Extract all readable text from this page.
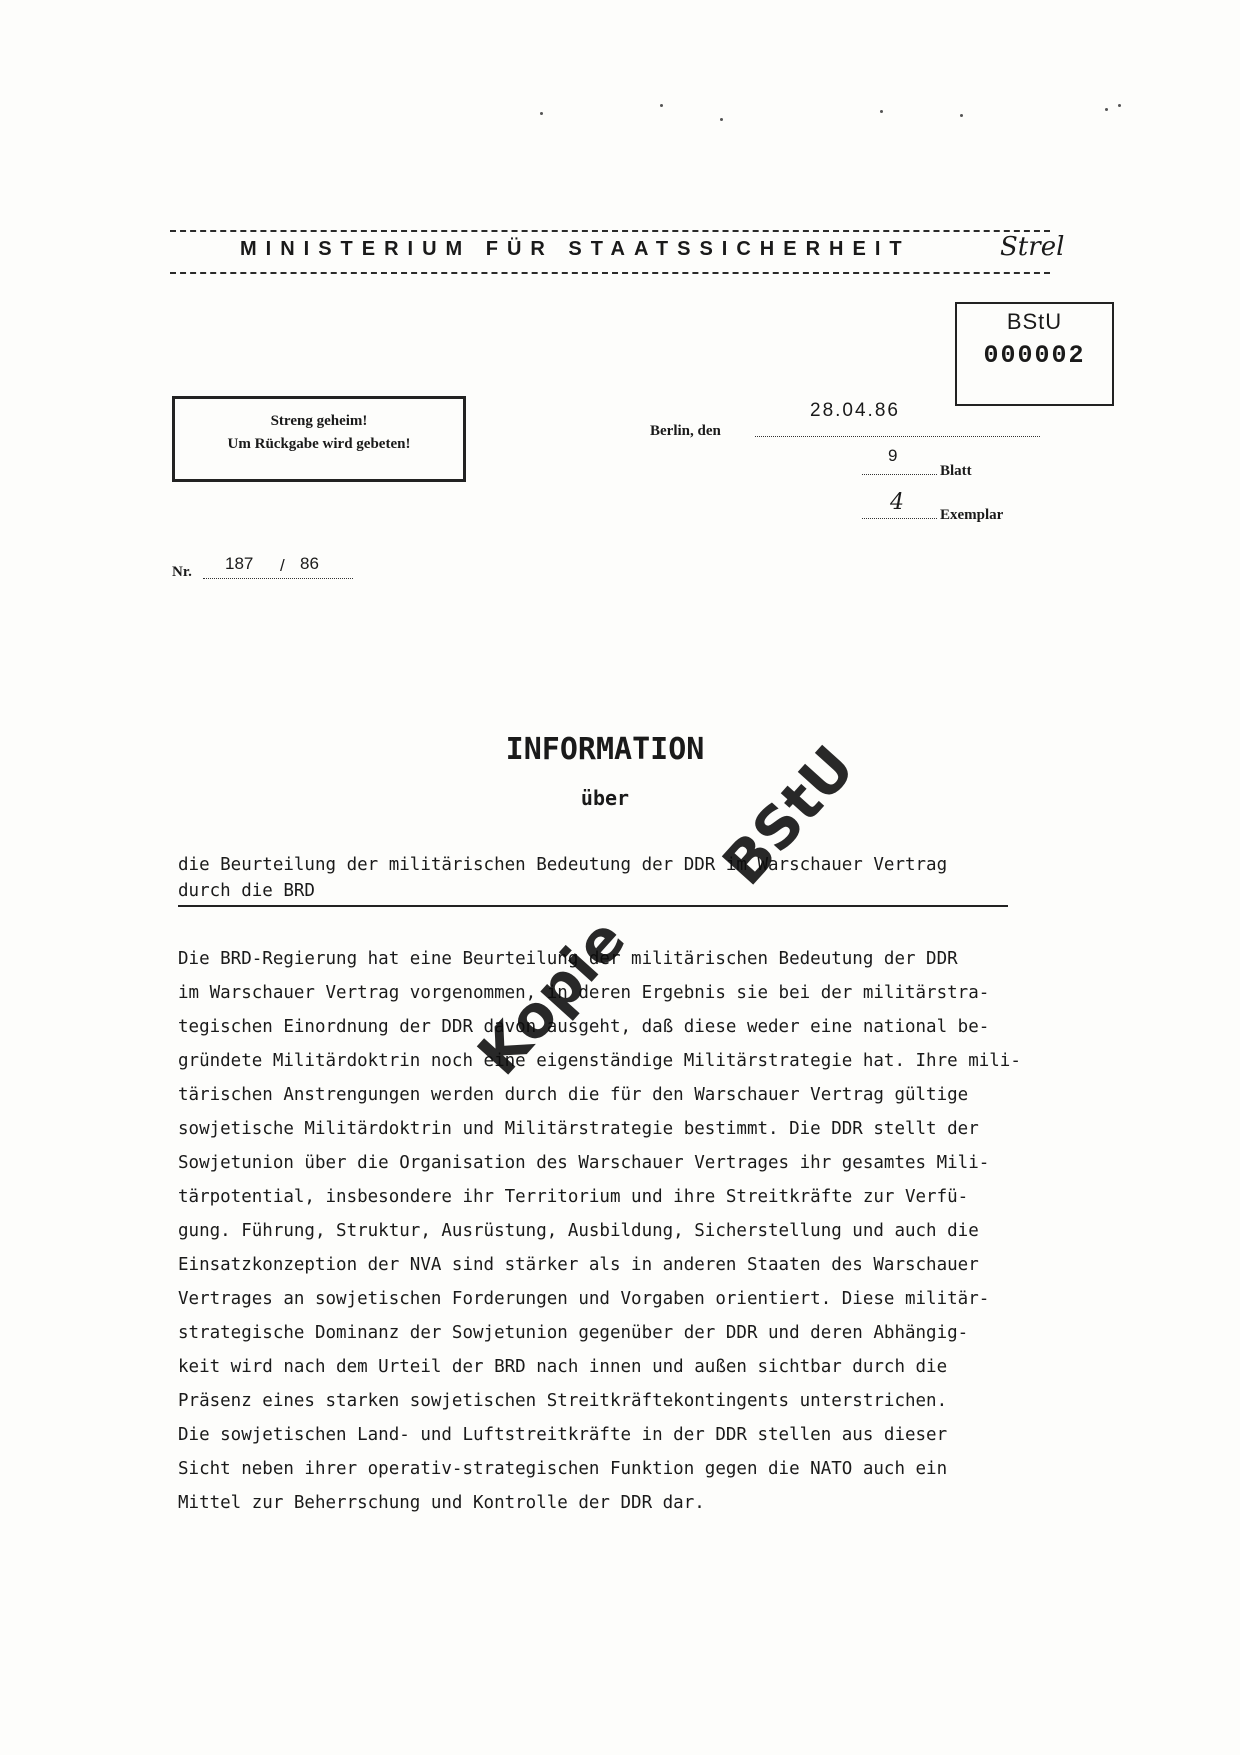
MINISTERIUM FÜR STAATSSICHERHEIT	Strel
BStU
000002
Streng geheim!
Um Rückgabe wird gebeten!
Berlin, den
28.04.86
9
Blatt
4 Exemplar
Nr. 187 / 86
INFORMATION
über
die Beurteilung der militärischen Bedeutung der DDR im Warschauer Vertrag
durch die BRD
Die BRD-Regierung hat eine Beurteilung der militärischen Bedeutung der DDR
im Warschauer Vertrag vorgenommen, in deren Ergebnis sie bei der militärstra-
tegischen Einordnung der DDR davon ausgeht, daß diese weder eine national be-
gründete Militärdoktrin noch eine eigenständige Militärstrategie hat. Ihre mili-
tärischen Anstrengungen werden durch die für den Warschauer Vertrag gültige
sowjetische Militärdoktrin und Militärstrategie bestimmt. Die DDR stellt der
Sowjetunion über die Organisation des Warschauer Vertrages ihr gesamtes Mili-
tärpotential, insbesondere ihr Territorium und ihre Streitkräfte zur Verfü-
gung. Führung, Struktur, Ausrüstung, Ausbildung, Sicherstellung und auch die
Einsatzkonzeption der NVA sind stärker als in anderen Staaten des Warschauer
Vertrages an sowjetischen Forderungen und Vorgaben orientiert. Diese militär-
strategische Dominanz der Sowjetunion gegenüber der DDR und deren Abhängig-
keit wird nach dem Urteil der BRD nach innen und außen sichtbar durch die
Präsenz eines starken sowjetischen Streitkräftekontingents unterstrichen.
Die sowjetischen Land- und Luftstreitkräfte in der DDR stellen aus dieser
Sicht neben ihrer operativ-strategischen Funktion gegen die NATO auch ein
Mittel zur Beherrschung und Kontrolle der DDR dar.
Kopie
BStU
